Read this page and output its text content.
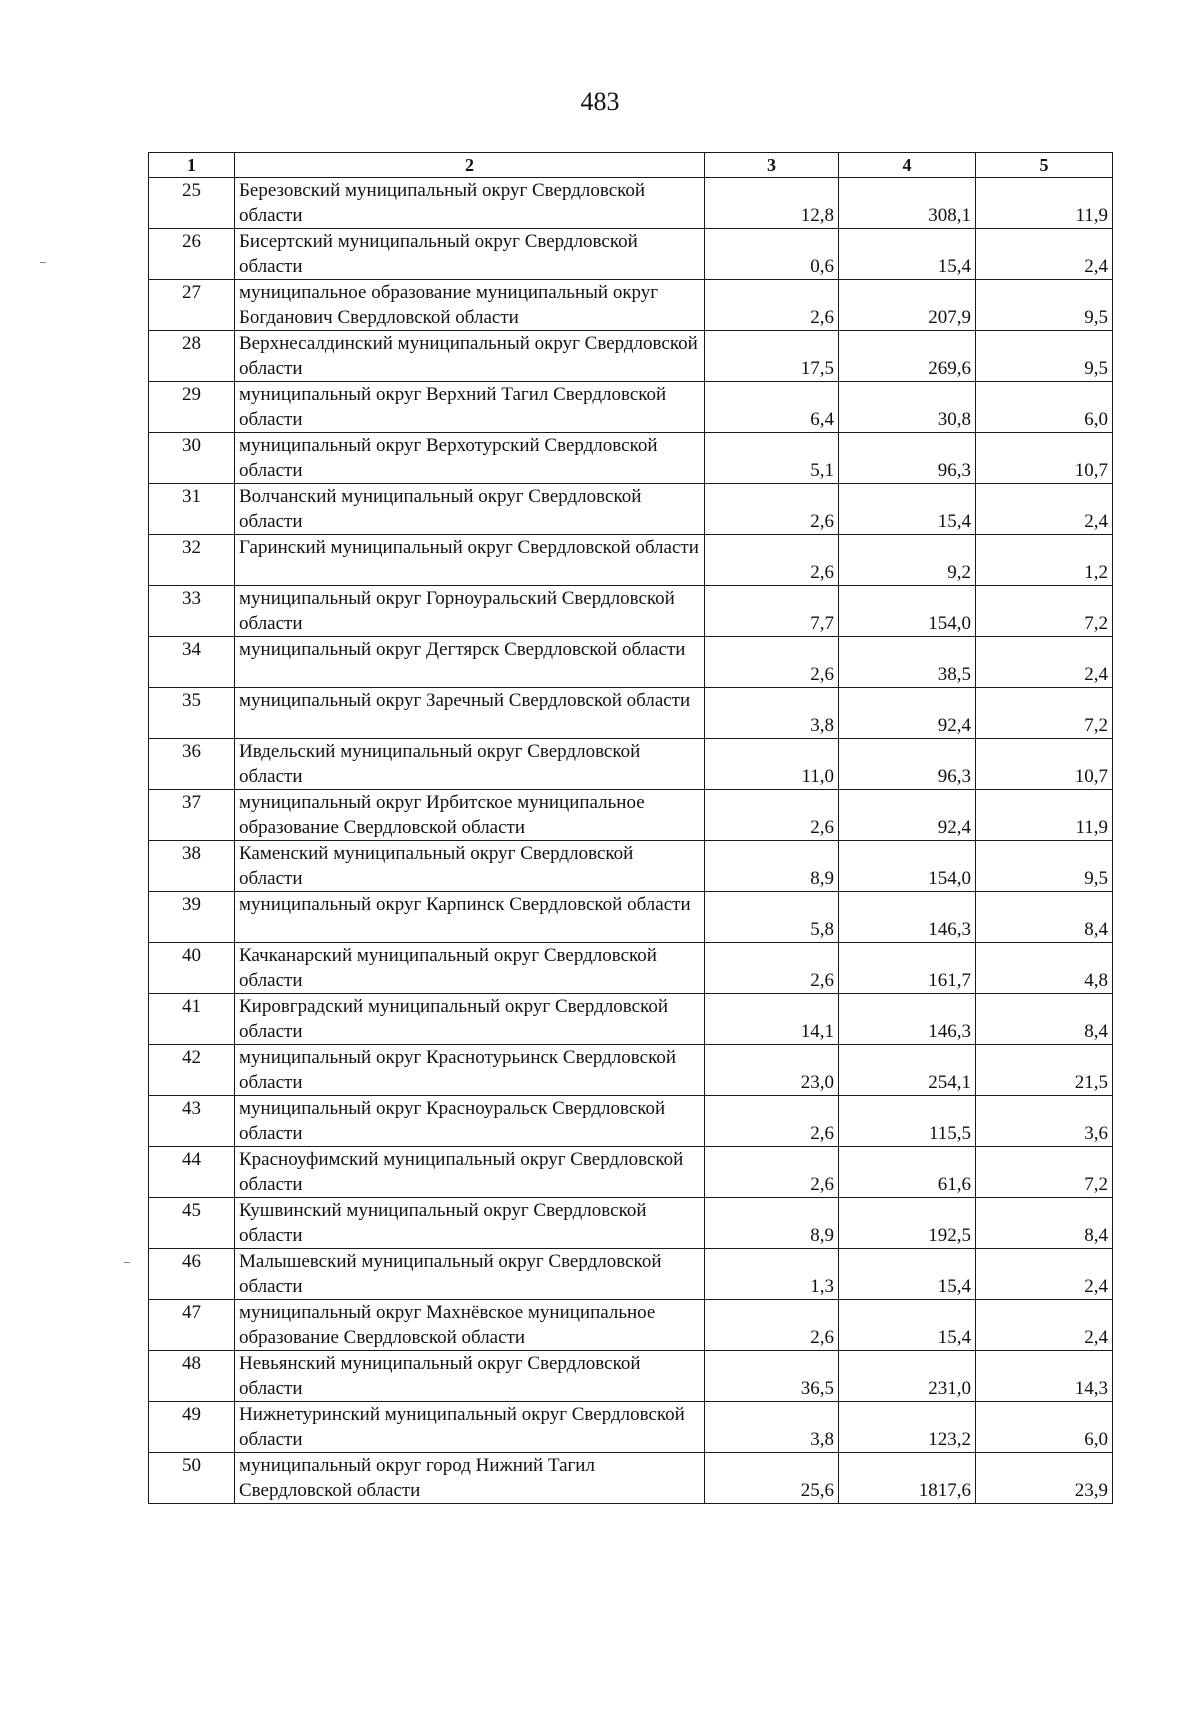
483
1	2	3	4	5
25	Березовский муниципальный округ Свердловской области	12,8	308,1	11,9
26	Бисертский муниципальный округ Свердловской области	0,6	15,4	2,4
27	муниципальное образование муниципальный округ Богданович Свердловской области	2,6	207,9	9,5
28	Верхнесалдинский муниципальный округ Свердловской области	17,5	269,6	9,5
29	муниципальный округ Верхний Тагил Свердловской области	6,4	30,8	6,0
30	муниципальный округ Верхотурский Свердловской области	5,1	96,3	10,7
31	Волчанский муниципальный округ Свердловской области	2,6	15,4	2,4
32	Гаринский муниципальный округ Свердловской области	2,6	9,2	1,2
33	муниципальный округ Горноуральский Свердловской области	7,7	154,0	7,2
34	муниципальный округ Дегтярск Свердловской области	2,6	38,5	2,4
35	муниципальный округ Заречный Свердловской области	3,8	92,4	7,2
36	Ивдельский муниципальный округ Свердловской области	11,0	96,3	10,7
37	муниципальный округ Ирбитское муниципальное образование Свердловской области	2,6	92,4	11,9
38	Каменский муниципальный округ Свердловской области	8,9	154,0	9,5
39	муниципальный округ Карпинск Свердловской области	5,8	146,3	8,4
40	Качканарский муниципальный округ Свердловской области	2,6	161,7	4,8
41	Кировградский муниципальный округ Свердловской области	14,1	146,3	8,4
42	муниципальный округ Краснотурьинск Свердловской области	23,0	254,1	21,5
43	муниципальный округ Красноуральск Свердловской области	2,6	115,5	3,6
44	Красноуфимский муниципальный округ Свердловской области	2,6	61,6	7,2
45	Кушвинский муниципальный округ Свердловской области	8,9	192,5	8,4
46	Малышевский муниципальный округ Свердловской области	1,3	15,4	2,4
47	муниципальный округ Махнёвское муниципальное образование Свердловской области	2,6	15,4	2,4
48	Невьянский муниципальный округ Свердловской области	36,5	231,0	14,3
49	Нижнетуринский муниципальный округ Свердловской области	3,8	123,2	6,0
50	муниципальный округ город Нижний Тагил Свердловской области	25,6	1817,6	23,9
